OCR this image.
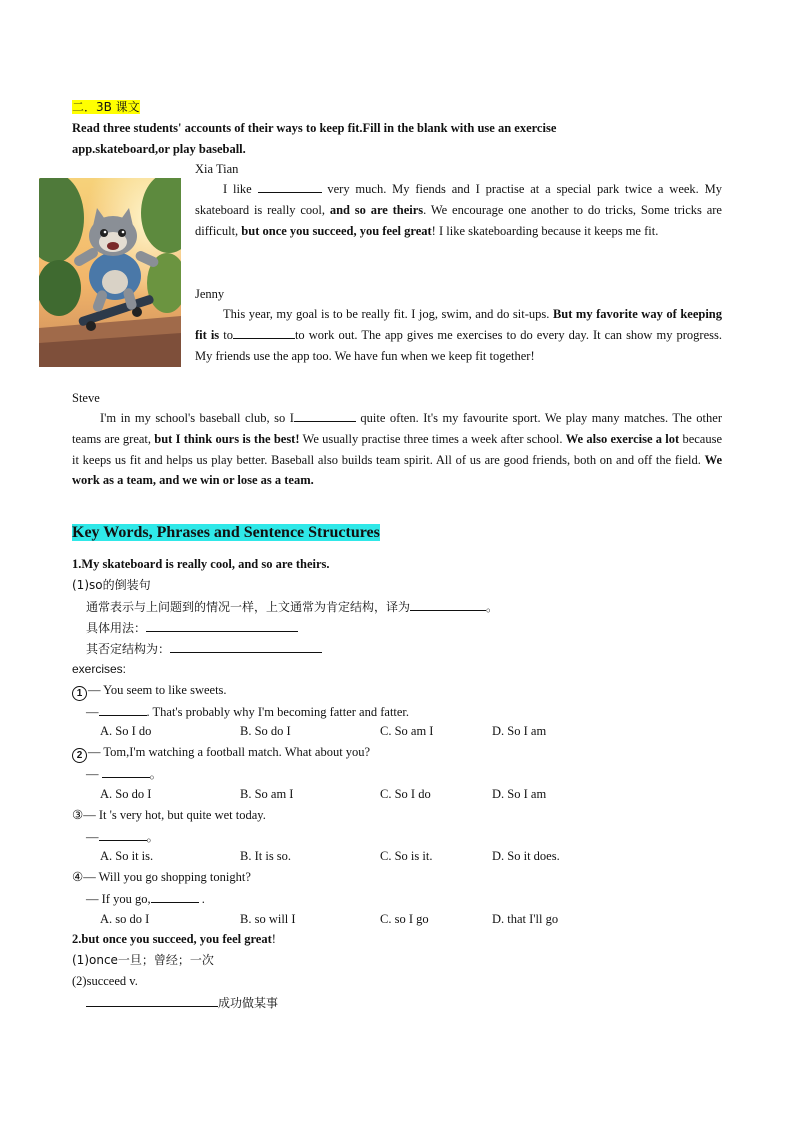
二．3B 课文
Read three students' accounts of their ways to keep fit.Fill in the blank with use an exercise
app.skateboard,or play baseball.
Xia Tian
I like	very much. My fiends and I practise at a special park twice a week. My skateboard is really cool, and so are theirs. We encourage one another to do tricks, Some tricks are difficult, but once you succeed, you feel great! I like skateboarding because it keeps me fit.
Jenny
This year, my goal is to be really fit. I jog, swim, and do sit-ups. But my favorite way of keeping fit is to	to work out. The app gives me exercises to do every day. It can show my progress. My friends use the app too. We have fun when we keep fit together!
Steve
I'm in my school's baseball club, so I	quite often. It's my favourite sport. We play many matches. The other teams are great, but I think ours is the best! We usually practise three times a week after school. We also exercise a lot because it keeps us fit and helps us play better. Baseball also builds team spirit. All of us are good friends, both on and off the field. We work as a team, and we win or lose as a team.
Key Words, Phrases and Sentence Structures
1.My skateboard is really cool, and so are theirs.
(1)so的倒装句
通常表示与上问题到的情况一样，上文通常为肯定结构，译为	。
具体用法：
其否定结构为：
exercises:
1 — You seem to like sweets.
—	. That's probably why I'm becoming fatter and fatter.
A. So I do	B. So do I	C. So am I	D. So I am
2 — Tom,I'm watching a football match. What about you?
—	。
A. So do I	B. So am I	C. So I do	D. So I am
③— It 's very hot, but quite wet today.
—	。
A. So it is.	B. It is so.	C. So is it.	D. So it does.
④— Will you go shopping tonight?
— If you go,	.
A. so do I	B. so will I	C. so I go	D. that I'll go
2.but once you succeed, you feel great!
(1)once一旦；曾经；一次
(2)succeed v.
成功做某事
